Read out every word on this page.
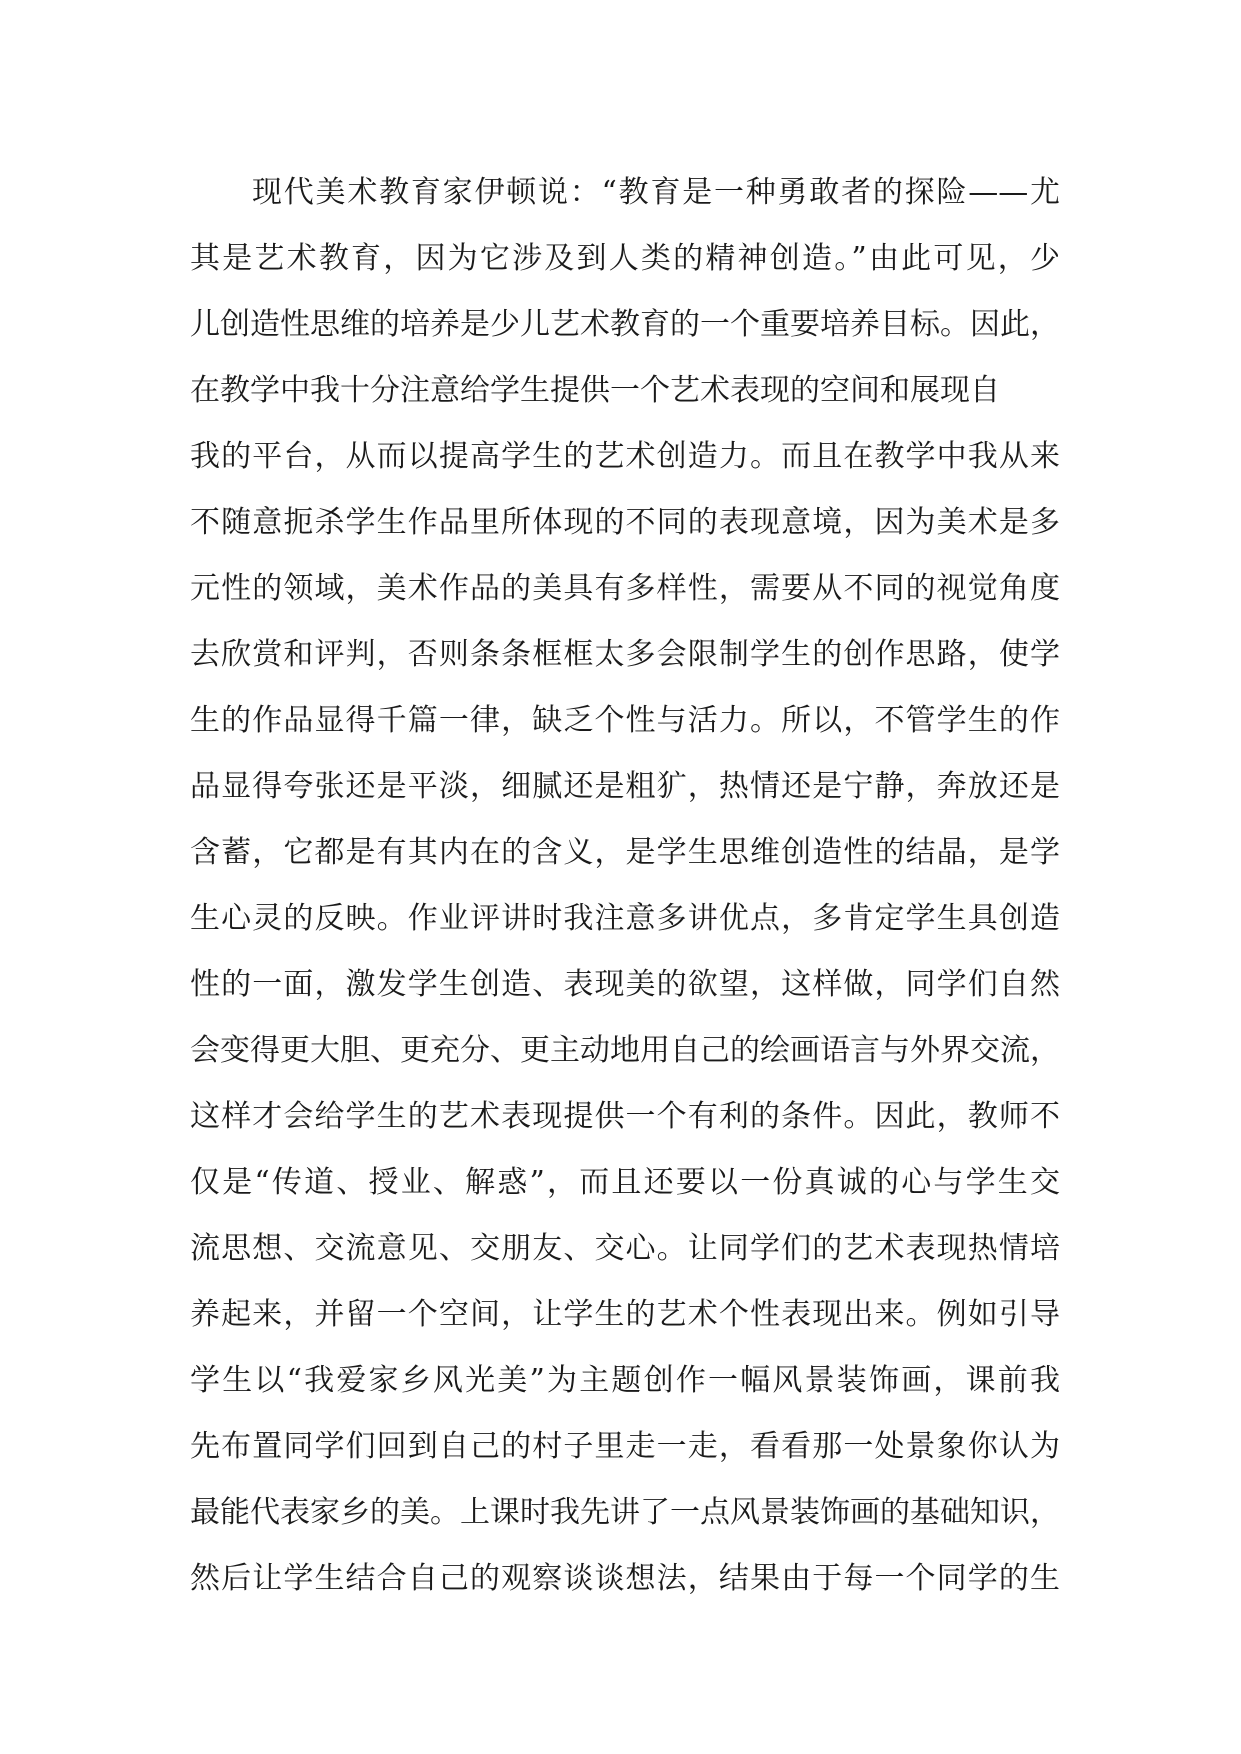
现代美术教育家伊顿说：“教育是一种勇敢者的探险——尤
其是艺术教育，因为它涉及到人类的精神创造。”由此可见，少
儿创造性思维的培养是少儿艺术教育的一个重要培养目标。因此，
在教学中我十分注意给学生提供一个艺术表现的空间和展现自
我的平台，从而以提高学生的艺术创造力。而且在教学中我从来
不随意扼杀学生作品里所体现的不同的表现意境，因为美术是多
元性的领域，美术作品的美具有多样性，需要从不同的视觉角度
去欣赏和评判，否则条条框框太多会限制学生的创作思路，使学
生的作品显得千篇一律，缺乏个性与活力。所以，不管学生的作
品显得夸张还是平淡，细腻还是粗犷，热情还是宁静，奔放还是
含蓄，它都是有其内在的含义，是学生思维创造性的结晶，是学
生心灵的反映。作业评讲时我注意多讲优点，多肯定学生具创造
性的一面，激发学生创造、表现美的欲望，这样做，同学们自然
会变得更大胆、更充分、更主动地用自己的绘画语言与外界交流，
这样才会给学生的艺术表现提供一个有利的条件。因此，教师不
仅是“传道、授业、解惑”，而且还要以一份真诚的心与学生交
流思想、交流意见、交朋友、交心。让同学们的艺术表现热情培
养起来，并留一个空间，让学生的艺术个性表现出来。例如引导
学生以“我爱家乡风光美”为主题创作一幅风景装饰画，课前我
先布置同学们回到自己的村子里走一走，看看那一处景象你认为
最能代表家乡的美。上课时我先讲了一点风景装饰画的基础知识，
然后让学生结合自己的观察谈谈想法，结果由于每一个同学的生
